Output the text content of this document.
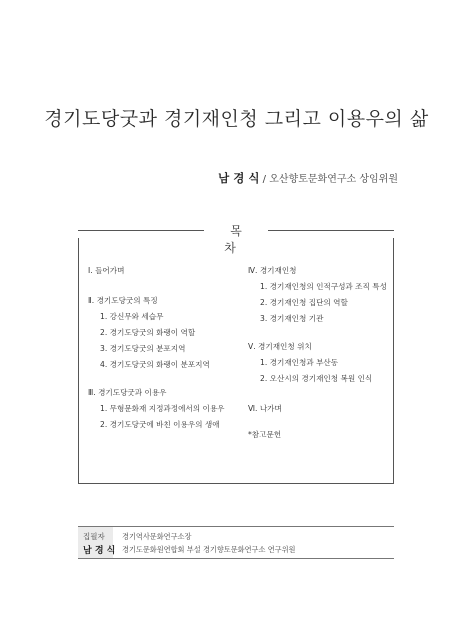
경기도당굿과 경기재인청 그리고 이용우의 삶
남 경 식 / 오산향토문화연구소 상임위원
목 차
Ⅰ. 들어가며
Ⅱ. 경기도당굿의 특징
1. 강신무와 세습무
2. 경기도당굿의 화랭이 역할
3. 경기도당굿의 분포지역
4. 경기도당굿의 화랭이 분포지역
Ⅲ. 경기도당굿과 이용우
1. 무형문화재 지정과정에서의 이용우
2. 경기도당굿에 바친 이용우의 생애
Ⅳ. 경기재인청
1. 경기재인청의 인적구성과 조직 특성
2. 경기재인청 집단의 역할
3. 경기재인청 기관
Ⅴ. 경기재인청 위치
1. 경기재인청과 부산동
2. 오산시의 경기재인청 복원 인식
Ⅵ. 나가며
*참고문헌
집필자
남 경 식
경기역사문화연구소장
경기도문화원연합회 부설 경기향토문화연구소 연구위원
